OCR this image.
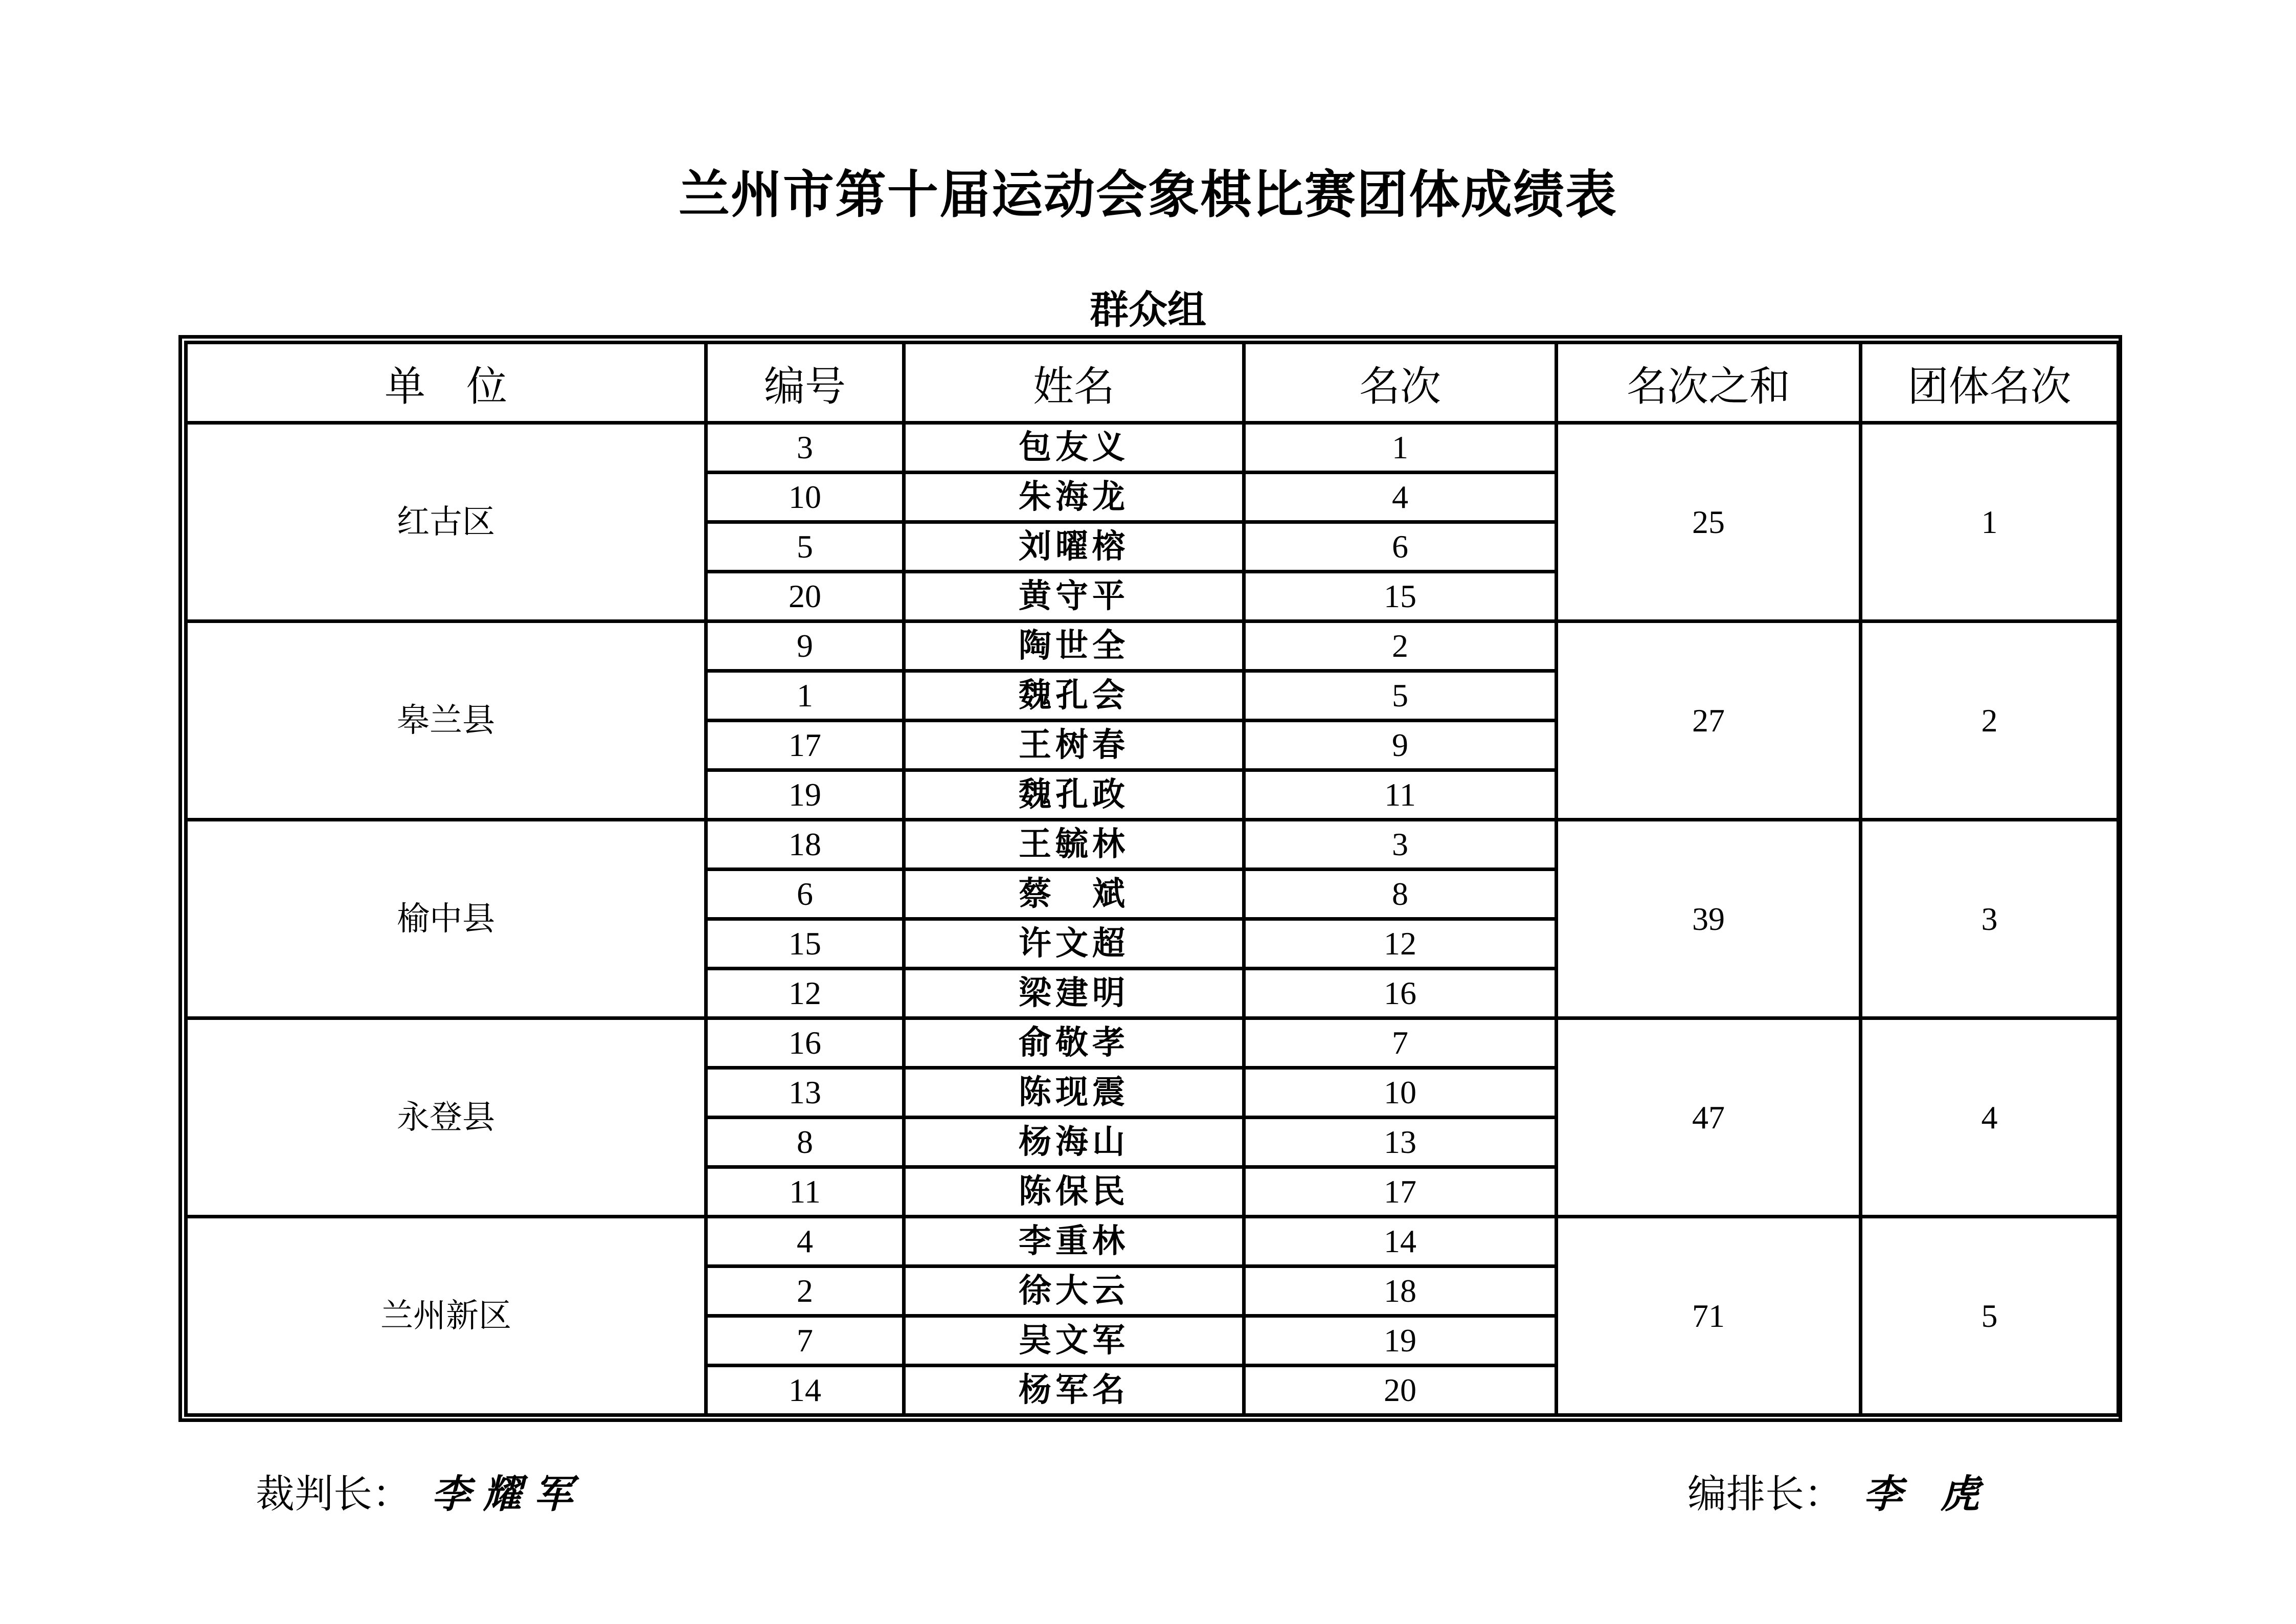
兰州市第十届运动会象棋比赛团体成绩表
群众组
单　位	编号	姓名	名次	名次之和	团体名次
红古区	3	包友义	1	25	1
	10	朱海龙	4		
	5	刘曜榕	6		
	20	黄守平	15		
皋兰县	9	陶世全	2	27	2
	1	魏孔会	5		
	17	王树春	9		
	19	魏孔政	11		
榆中县	18	王毓林	3	39	3
	6	蔡　斌	8		
	15	许文超	12		
	12	梁建明	16		
永登县	16	俞敬孝	7	47	4
	13	陈现震	10		
	8	杨海山	13		
	11	陈保民	17		
兰州新区	4	李重林	14	71	5
	2	徐大云	18		
	7	吴文军	19		
	14	杨军名	20		
裁判长： 李耀军	编排长： 李 虎
